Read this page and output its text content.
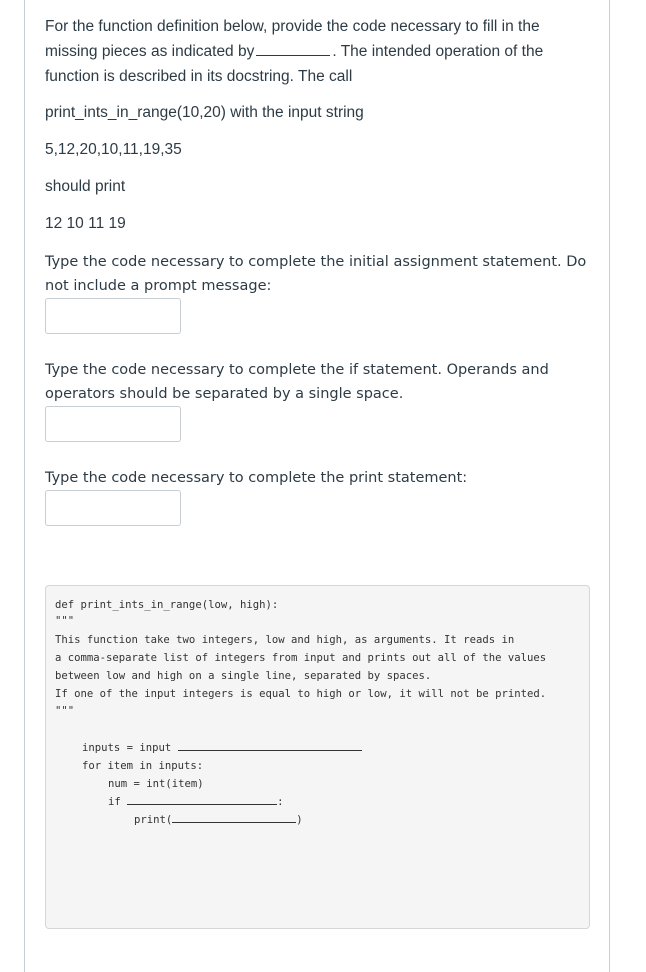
For the function definition below, provide the code necessary to fill in the
missing pieces as indicated by	. The intended operation of the
function is described in its docstring. The call

print_ints_in_range(10,20) with the input string

5,12,20,10,11,19,35

should print

12 10 11 19

Type the code necessary to complete the initial assignment statement. Do not include a prompt message:

Type the code necessary to complete the if statement. Operands and operators should be separated by a single space.

Type the code necessary to complete the print statement:

def print_ints_in_range(low, high):
"""
This function take two integers, low and high, as arguments. It reads in
a comma-separate list of integers from input and prints out all of the values
between low and high on a single line, separated by spaces.
If one of the input integers is equal to high or low, it will not be printed.
"""
inputs = input
for item in inputs:
num = int(item)
if	:
print(	)
